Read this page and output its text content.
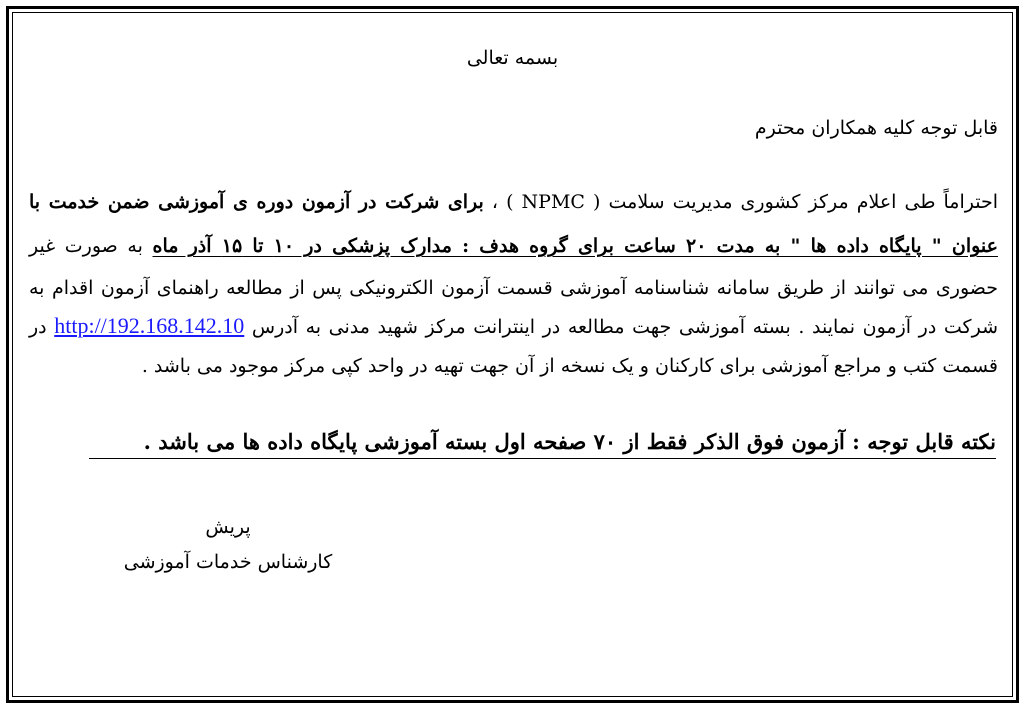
بسمه تعالی
قابل توجه کلیه همکاران محترم
احتراماً طی اعلام مرکز کشوری مدیریت سلامت ( NPMC ) ، برای شرکت در آزمون دوره ی آموزشی ضمن خدمت با
عنوان " پایگاه داده ها " به مدت ۲۰ ساعت برای گروه هدف : مدارک پزشکی در ۱۰ تا ۱۵ آذر ماه به صورت غیر
حضوری می توانند از طریق سامانه شناسنامه آموزشی قسمت آزمون الکترونیکی پس از مطالعه راهنمای آزمون اقدام به
شرکت در آزمون نمایند . بسته آموزشی جهت مطالعه در اینترانت مرکز شهید مدنی به آدرس http://192.168.142.10 در
قسمت کتب و مراجع آموزشی برای کارکنان و یک نسخه از آن جهت تهیه در واحد کپی مرکز موجود می باشد .
نکته قابل توجه : آزمون فوق الذکر فقط از ۷۰ صفحه اول بسته آموزشی پایگاه داده ها می باشد .
پریش
کارشناس خدمات آموزشی
